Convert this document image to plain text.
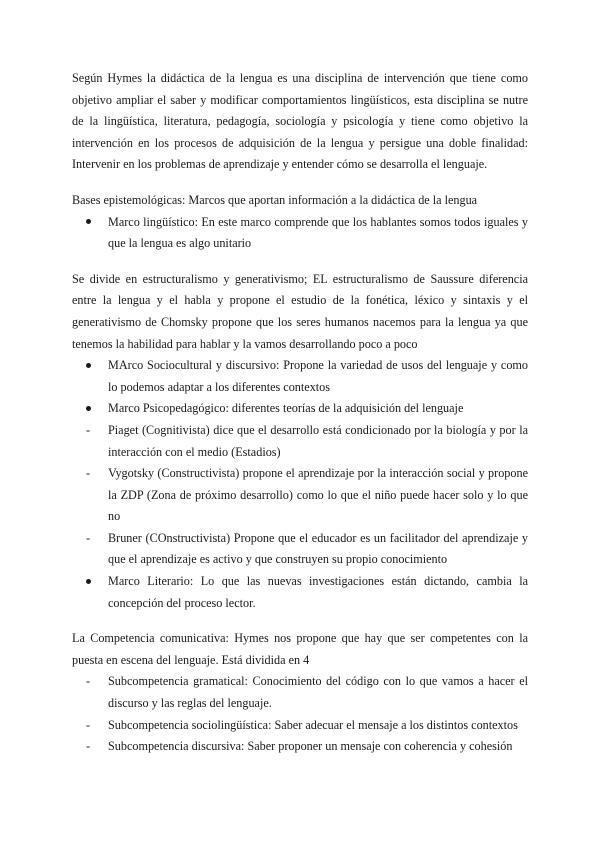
Según Hymes la didáctica de la lengua es una disciplina de intervención que tiene como objetivo ampliar el saber y modificar comportamientos lingüísticos, esta disciplina se nutre de la lingüística, literatura, pedagogía, sociología y psicología y tiene como objetivo la intervención en los procesos de adquisición de la lengua y persigue una doble finalidad: Intervenir en los problemas de aprendizaje y entender cómo se desarrolla el lenguaje.

Bases epistemológicas: Marcos que aportan información a la didáctica de la lengua

Marco lingüístico: En este marco comprende que los hablantes somos todos iguales y que la lengua es algo unitario

Se divide en estructuralismo y generativismo; EL estructuralismo de Saussure diferencia entre la lengua y el habla y propone el estudio de la fonética, léxico y sintaxis y el generativismo de Chomsky propone que los seres humanos nacemos para la lengua ya que tenemos la habilidad para hablar y la vamos desarrollando poco a poco

MArco Sociocultural y discursivo: Propone la variedad de usos del lenguaje y como lo podemos adaptar a los diferentes contextos
Marco Psicopedagógico: diferentes teorías de la adquisición del lenguaje
-	Piaget (Cognitivista) dice que el desarrollo está condicionado por la biología y por la interacción con el medio (Estadios)
-	Vygotsky (Constructivista) propone el aprendizaje por la interacción social y propone la ZDP (Zona de próximo desarrollo) como lo que el niño puede hacer solo y lo que no
-	Bruner (COnstructivista) Propone que el educador es un facilitador del aprendizaje y que el aprendizaje es activo y que construyen su propio conocimiento
Marco Literario: Lo que las nuevas investigaciones están dictando, cambia la concepción del proceso lector.

La Competencia comunicativa: Hymes nos propone que hay que ser competentes con la puesta en escena del lenguaje. Está dividida en 4

-	Subcompetencia gramatical: Conocimiento del código con lo que vamos a hacer el discurso y las reglas del lenguaje.
-	Subcompetencia sociolingüística: Saber adecuar el mensaje a los distintos contextos
-	Subcompetencia discursiva: Saber proponer un mensaje con coherencia y cohesión
